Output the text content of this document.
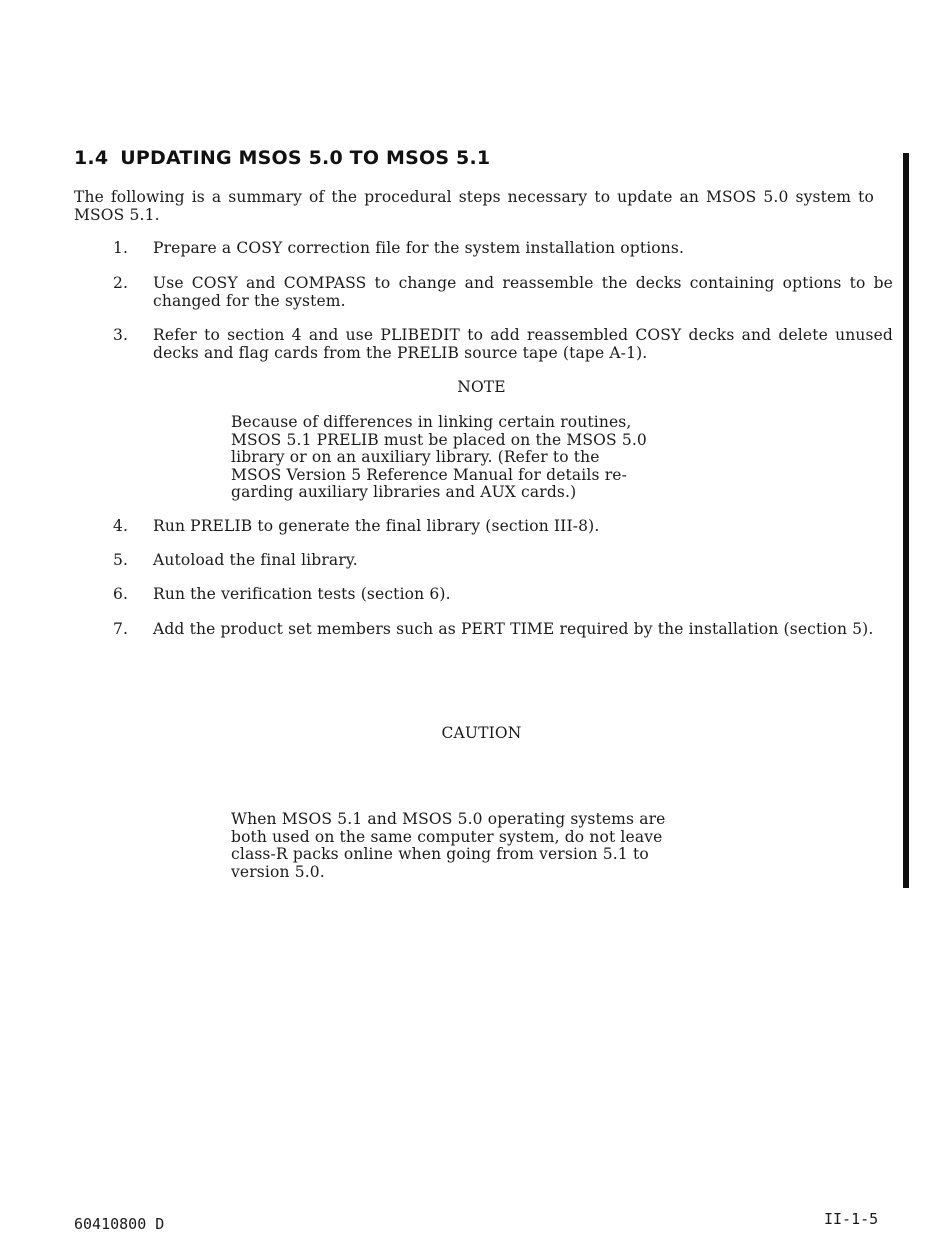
1.4 UPDATING MSOS 5.0 TO MSOS 5.1

The following is a summary of the procedural steps necessary to update an MSOS 5.0 system to MSOS 5.1.

1. Prepare a COSY correction file for the system installation options.
2. Use COSY and COMPASS to change and reassemble the decks containing options to be changed for the system.
3. Refer to section 4 and use PLIBEDIT to add reassembled COSY decks and delete unused decks and flag cards from the PRELIB source tape (tape A-1).
NOTE
Because of differences in linking certain routines,
MSOS 5.1 PRELIB must be placed on the MSOS 5.0
library or on an auxiliary library. (Refer to the
MSOS Version 5 Reference Manual for details re-
garding auxiliary libraries and AUX cards.)
4. Run PRELIB to generate the final library (section III-8).
5. Autoload the final library.
6. Run the verification tests (section 6).
7. Add the product set members such as PERT TIME required by the installation (section 5).
CAUTION
When MSOS 5.1 and MSOS 5.0 operating systems are
both used on the same computer system, do not leave
class-R packs online when going from version 5.1 to
version 5.0.
60410800 D	II-1-5
